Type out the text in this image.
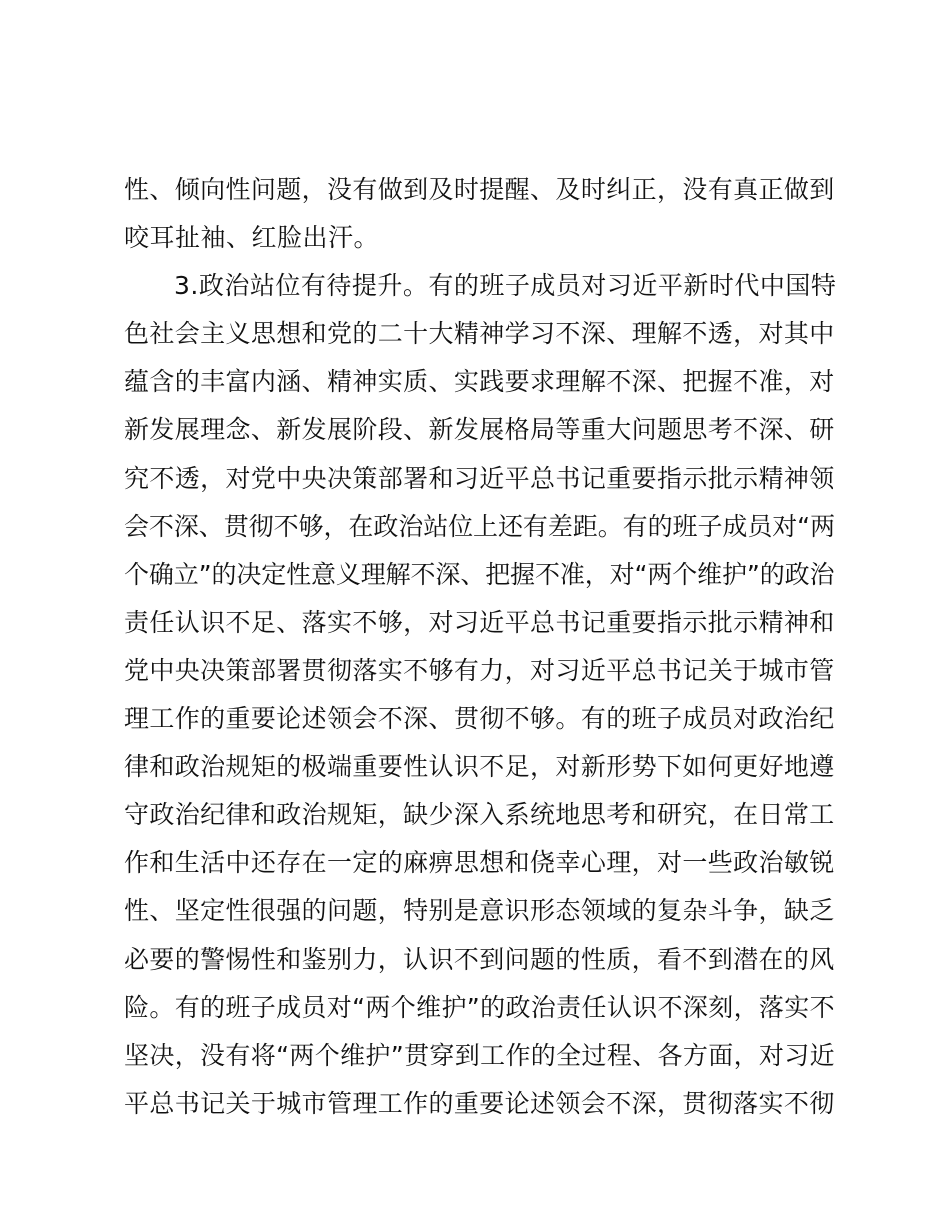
性、倾向性问题，没有做到及时提醒、及时纠正，没有真正做到
咬耳扯袖、红脸出汗。
3.政治站位有待提升。有的班子成员对习近平新时代中国特
色社会主义思想和党的二十大精神学习不深、理解不透，对其中
蕴含的丰富内涵、精神实质、实践要求理解不深、把握不准，对
新发展理念、新发展阶段、新发展格局等重大问题思考不深、研
究不透，对党中央决策部署和习近平总书记重要指示批示精神领
会不深、贯彻不够，在政治站位上还有差距。有的班子成员对“两
个确立”的决定性意义理解不深、把握不准，对“两个维护”的政治
责任认识不足、落实不够，对习近平总书记重要指示批示精神和
党中央决策部署贯彻落实不够有力，对习近平总书记关于城市管
理工作的重要论述领会不深、贯彻不够。有的班子成员对政治纪
律和政治规矩的极端重要性认识不足，对新形势下如何更好地遵
守政治纪律和政治规矩，缺少深入系统地思考和研究，在日常工
作和生活中还存在一定的麻痹思想和侥幸心理，对一些政治敏锐
性、坚定性很强的问题，特别是意识形态领域的复杂斗争，缺乏
必要的警惕性和鉴别力，认识不到问题的性质，看不到潜在的风
险。有的班子成员对“两个维护”的政治责任认识不深刻，落实不
坚决，没有将“两个维护”贯穿到工作的全过程、各方面，对习近
平总书记关于城市管理工作的重要论述领会不深，贯彻落实不彻
